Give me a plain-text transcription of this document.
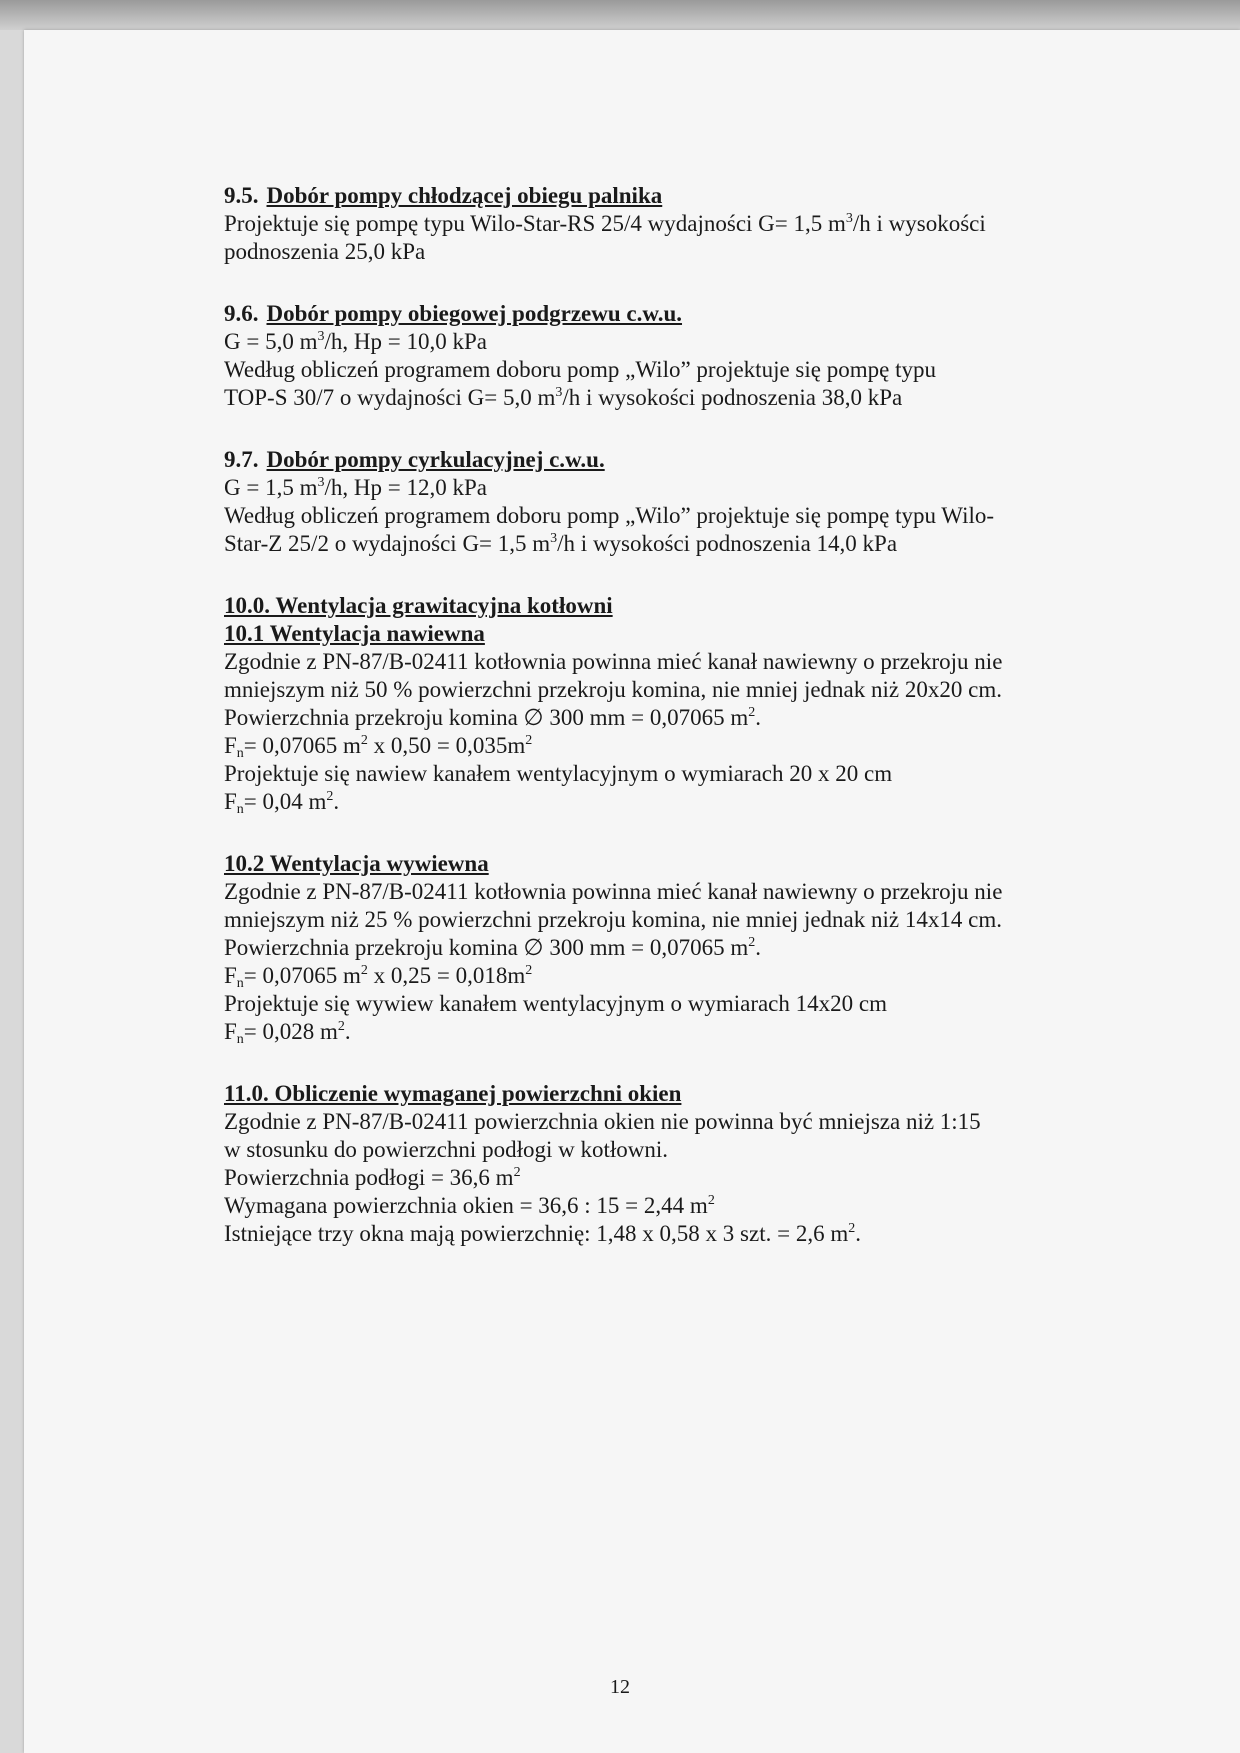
9.5. Dobór pompy chłodzącej obiegu palnika

Projektuje się pompę typu Wilo-Star-RS 25/4 wydajności G= 1,5 $m^3/h$ i wysokości

podnoszenia 25,0 kPa

9.6. Dobór pompy obiegowej podgrzewu c.w.u.

G = 5,0 $m^3/h$, Hp = 10,0 kPa

Według obliczeń programem doboru pomp „Wilo” projektuje się pompę typu

TOP-S 30/7 o wydajności G= 5,0 $m^3/h$ i wysokości podnoszenia 38,0 kPa

9.7. Dobór pompy cyrkulacyjnej c.w.u.

G = 1,5 $m^3/h$, Hp = 12,0 kPa

Według obliczeń programem doboru pomp „Wilo” projektuje się pompę typu Wilo-

Star-Z 25/2 o wydajności G= 1,5 $m^3/h$ i wysokości podnoszenia 14,0 kPa

10.0. Wentylacja grawitacyjna kotłowni
10.1 Wentylacja nawiewna

Zgodnie z PN-87/B-02411 kotłownia powinna mieć kanał nawiewny o przekroju nie

mniejszym niż 50 % powierzchni przekroju komina, nie mniej jednak niż 20x20 cm.

Powierzchnia przekroju komina ∅ 300 mm = 0,07065 $m^2$.

$F_n= 0,07065$ $m^2$ x $0,50 = 0,035m^2$

Projektuje się nawiew kanałem wentylacyjnym o wymiarach 20 x 20 cm

$F_n= 0,04$ $m^2$.

10.2 Wentylacja wywiewna

Zgodnie z PN-87/B-02411 kotłownia powinna mieć kanał nawiewny o przekroju nie

mniejszym niż 25 % powierzchni przekroju komina, nie mniej jednak niż 14x14 cm.

Powierzchnia przekroju komina ∅ 300 mm = 0,07065 $m^2$.

$F_n= 0,07065$ $m^2$ x $0,25 = 0,018m^2$

Projektuje się wywiew kanałem wentylacyjnym o wymiarach 14x20 cm

$F_n= 0,028$ $m^2$.

11.0. Obliczenie wymaganej powierzchni okien

Zgodnie z PN-87/B-02411 powierzchnia okien nie powinna być mniejsza niż 1:15

w stosunku do powierzchni podłogi w kotłowni.

Powierzchnia podłogi = 36,6 $m^2$

Wymagana powierzchnia okien = 36,6 : 15 = 2,44 $m^2$

Istniejące trzy okna mają powierzchnię: 1,48 x 0,58 x 3 szt. = 2,6 $m^2$.

12
